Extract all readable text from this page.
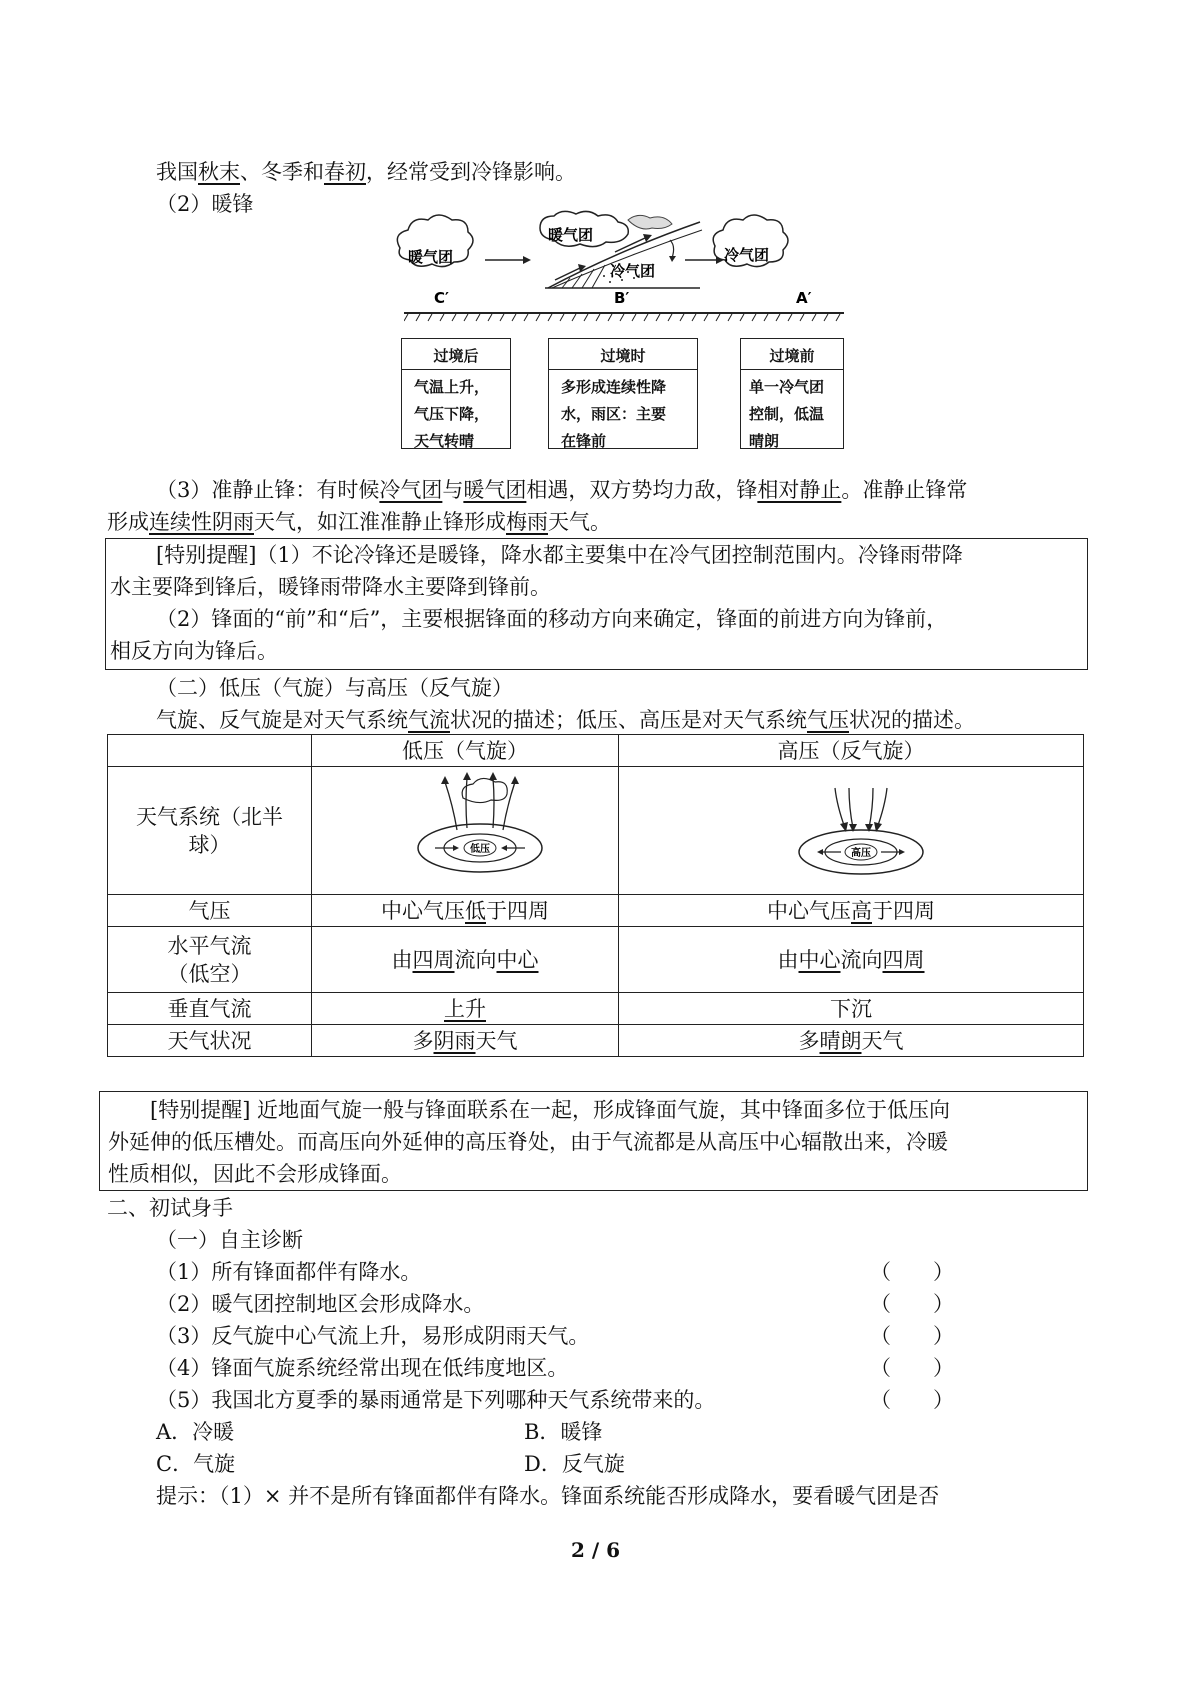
我国秋末、冬季和春初，经常受到冷锋影响。
（2）暖锋
暖气团
暖气团
冷气团
冷气团
C′	B′	A′
过境后
气温上升，
气压下降，
天气转晴
过境时
多形成连续性降
水，雨区：主要
在锋前
过境前
单一冷气团
控制，低温
晴朗
（3）准静止锋：有时候冷气团与暖气团相遇，双方势均力敌，锋相对静止。准静止锋常
形成连续性阴雨天气，如江淮准静止锋形成梅雨天气。
[特别提醒]（1）不论冷锋还是暖锋，降水都主要集中在冷气团控制范围内。冷锋雨带降
水主要降到锋后，暖锋雨带降水主要降到锋前。
（2）锋面的“前”和“后”，主要根据锋面的移动方向来确定，锋面的前进方向为锋前，
相反方向为锋后。
（二）低压（气旋）与高压（反气旋）
气旋、反气旋是对天气系统气流状况的描述；低压、高压是对天气系统气压状况的描述。
	低压（气旋）	高压（反气旋）
天气系统（北半
球）	低压	高压

气压	中心气压低于四周	中心气压高于四周
水平气流
（低空）	由四周流向中心	由中心流向四周
垂直气流	上升	下沉
天气状况	多阴雨天气	多晴朗天气
[特别提醒] 近地面气旋一般与锋面联系在一起，形成锋面气旋，其中锋面多位于低压向
外延伸的低压槽处。而高压向外延伸的高压脊处，由于气流都是从高压中心辐散出来，冷暖
性质相似，因此不会形成锋面。
二、初试身手
（一）自主诊断
（1）所有锋面都伴有降水。	（　　）
（2）暖气团控制地区会形成降水。	（　　）
（3）反气旋中心气流上升，易形成阴雨天气。	（　　）
（4）锋面气旋系统经常出现在低纬度地区。	（　　）
（5）我国北方夏季的暴雨通常是下列哪种天气系统带来的。	（　　）
A．冷暖	B．暖锋
C．气旋	D．反气旋
提示：（1）× 并不是所有锋面都伴有降水。锋面系统能否形成降水，要看暖气团是否
2 / 6
